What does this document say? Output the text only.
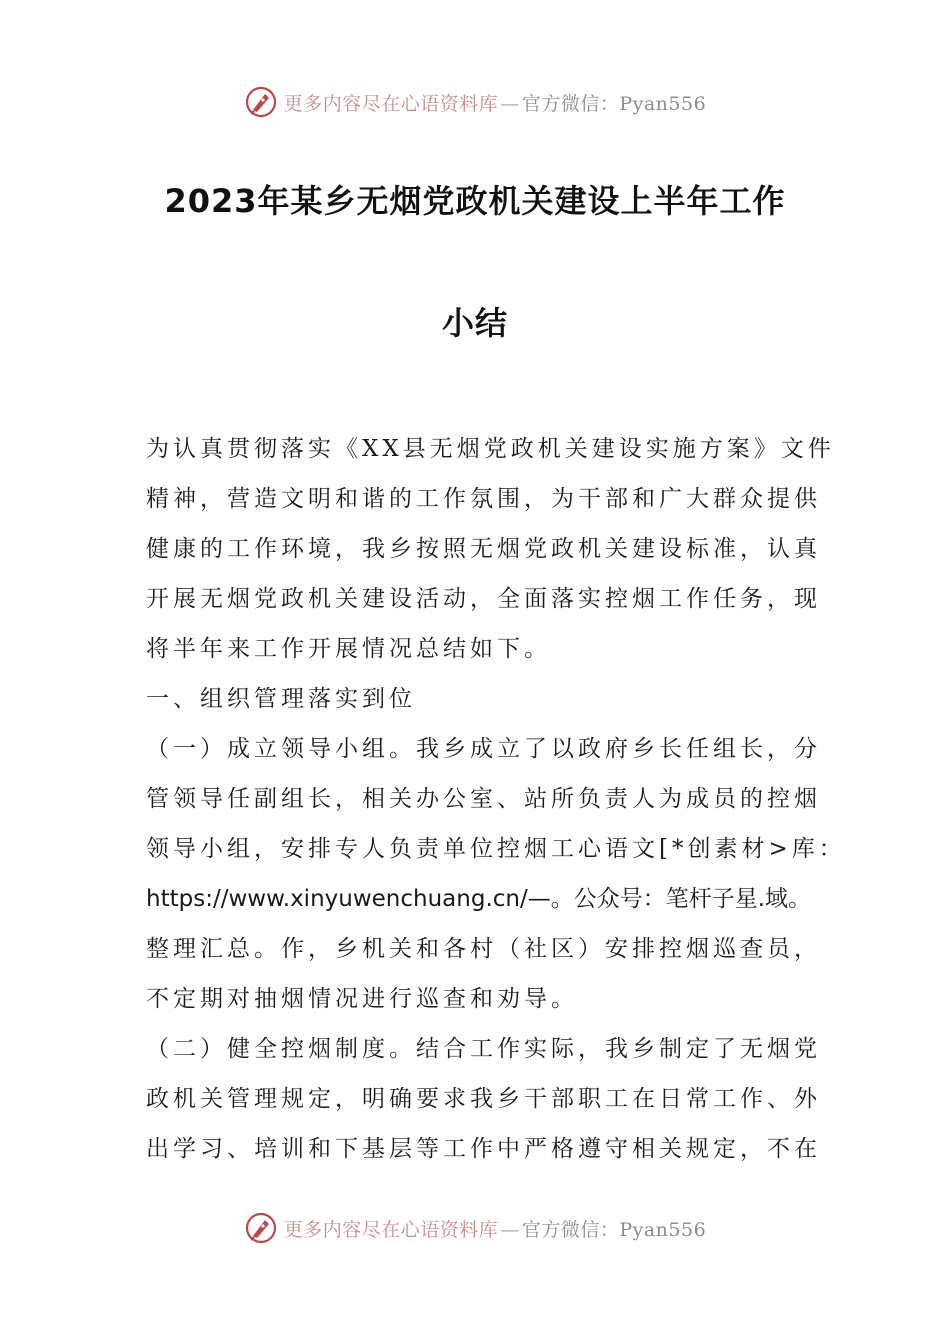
更多内容尽在心语资料库 — 官方微信：Pyan556
2023年某乡无烟党政机关建设上半年工作
小结
为认真贯彻落实《XX县无烟党政机关建设实施方案》文件
精神，营造文明和谐的工作氛围，为干部和广大群众提供
健康的工作环境，我乡按照无烟党政机关建设标准，认真
开展无烟党政机关建设活动，全面落实控烟工作任务，现
将半年来工作开展情况总结如下。
一、组织管理落实到位
（一）成立领导小组。我乡成立了以政府乡长任组长，分
管领导任副组长，相关办公室、站所负责人为成员的控烟
领导小组，安排专人负责单位控烟工心语文[*创素材>库：
https://www.xinyuwenchuang.cn/—。公众号：笔杆子星.域。
整理汇总。作，乡机关和各村（社区）安排控烟巡查员，
不定期对抽烟情况进行巡查和劝导。
（二）健全控烟制度。结合工作实际，我乡制定了无烟党
政机关管理规定，明确要求我乡干部职工在日常工作、外
出学习、培训和下基层等工作中严格遵守相关规定，不在
更多内容尽在心语资料库 — 官方微信：Pyan556
